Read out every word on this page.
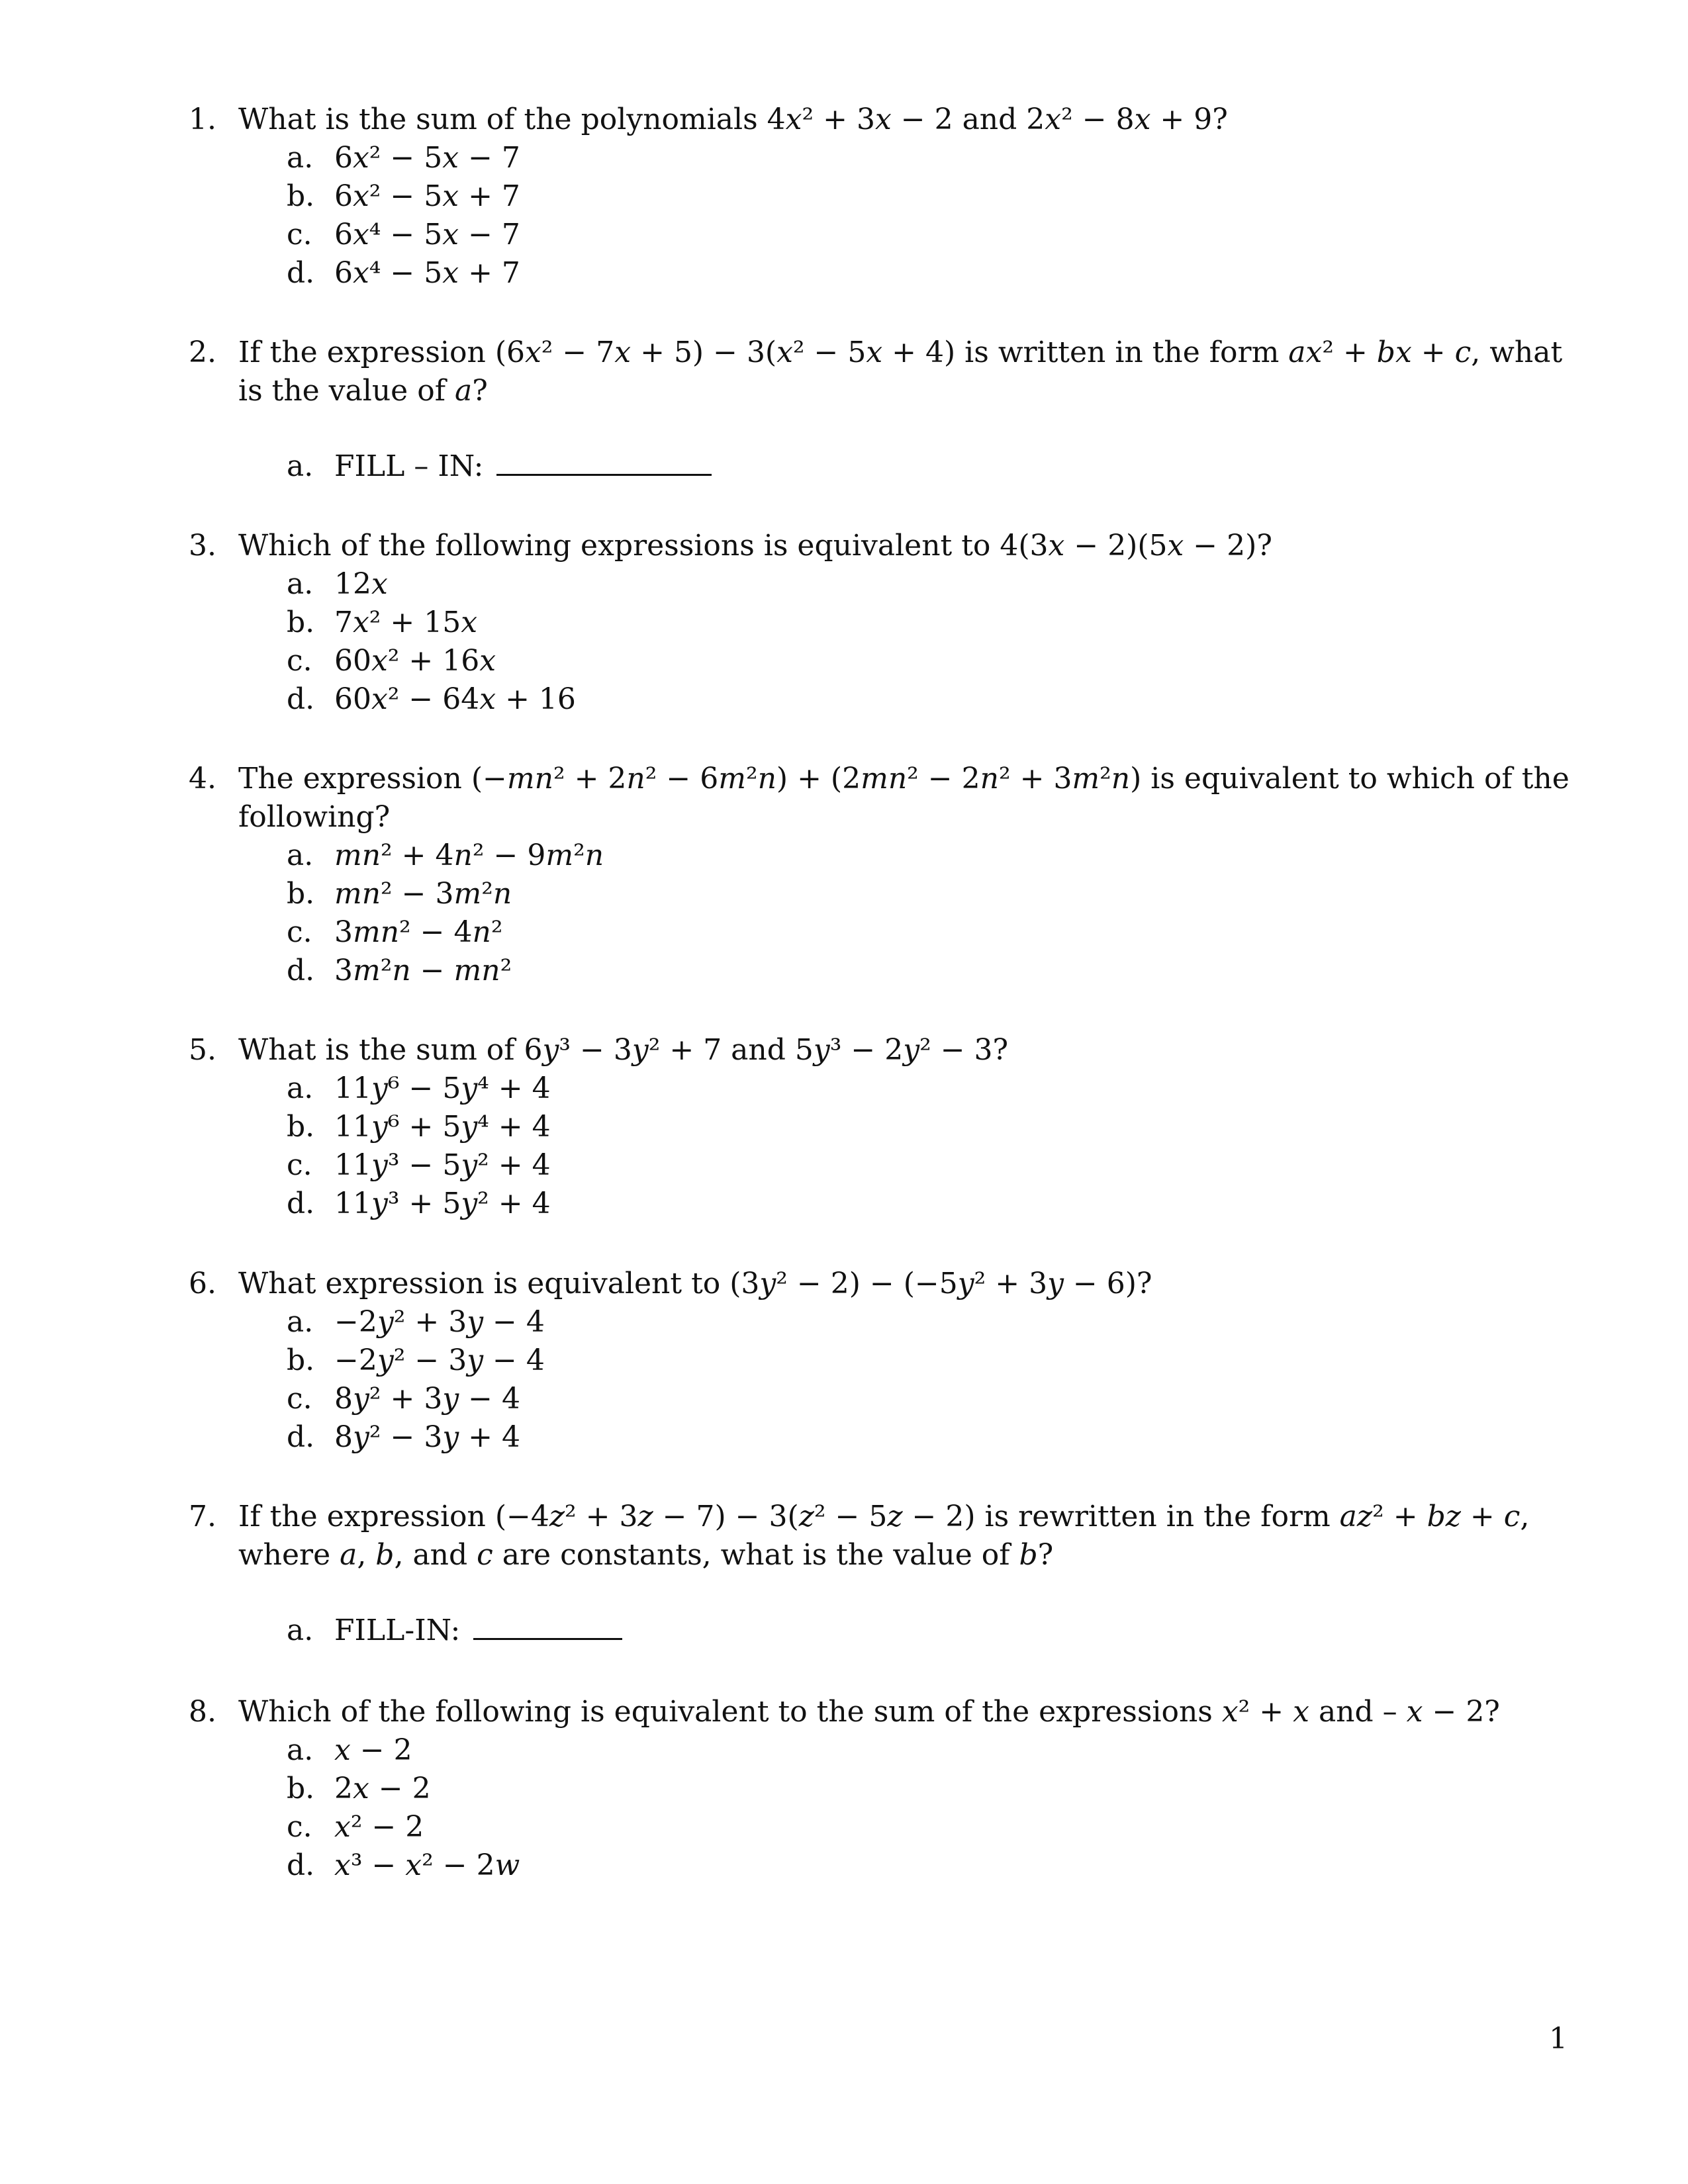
1. What is the sum of the polynomials 4𝑥² + 3𝑥 − 2 and 2𝑥² − 8𝑥 + 9?
a. 6𝑥² − 5𝑥 − 7
b. 6𝑥² − 5𝑥 + 7
c. 6𝑥⁴ − 5𝑥 − 7
d. 6𝑥⁴ − 5𝑥 + 7
2. If the expression (6𝑥² − 7𝑥 + 5) − 3(𝑥² − 5𝑥 + 4) is written in the form 𝑎𝑥² + 𝑏𝑥 + 𝑐, what is the value of 𝑎?
a. FILL – IN:
3. Which of the following expressions is equivalent to 4(3𝑥 − 2)(5𝑥 − 2)?
a. 12𝑥
b. 7𝑥² + 15𝑥
c. 60𝑥² + 16𝑥
d. 60𝑥² − 64𝑥 + 16
4. The expression (−𝑚𝑛² + 2𝑛² − 6𝑚²𝑛) + (2𝑚𝑛² − 2𝑛² + 3𝑚²𝑛) is equivalent to which of the following?
a. 𝑚𝑛² + 4𝑛² − 9𝑚²𝑛
b. 𝑚𝑛² − 3𝑚²𝑛
c. 3𝑚𝑛² − 4𝑛²
d. 3𝑚²𝑛 − 𝑚𝑛²
5. What is the sum of 6𝑦³ − 3𝑦² + 7 and 5𝑦³ − 2𝑦² − 3?
a. 11𝑦⁶ − 5𝑦⁴ + 4
b. 11𝑦⁶ + 5𝑦⁴ + 4
c. 11𝑦³ − 5𝑦² + 4
d. 11𝑦³ + 5𝑦² + 4
6. What expression is equivalent to (3𝑦² − 2) − (−5𝑦² + 3𝑦 − 6)?
a. −2𝑦² + 3𝑦 − 4
b. −2𝑦² − 3𝑦 − 4
c. 8𝑦² + 3𝑦 − 4
d. 8𝑦² − 3𝑦 + 4
7. If the expression (−4𝑧² + 3𝑧 − 7) − 3(𝑧² − 5𝑧 − 2) is rewritten in the form 𝑎𝑧² + 𝑏𝑧 + 𝑐, where 𝑎, 𝑏, and 𝑐 are constants, what is the value of 𝑏?
a. FILL-IN:
8. Which of the following is equivalent to the sum of the expressions 𝑥² + 𝑥 and – 𝑥 − 2?
a. 𝑥 − 2
b. 2𝑥 − 2
c. 𝑥² − 2
d. 𝑥³ − 𝑥² − 2𝑤
1
